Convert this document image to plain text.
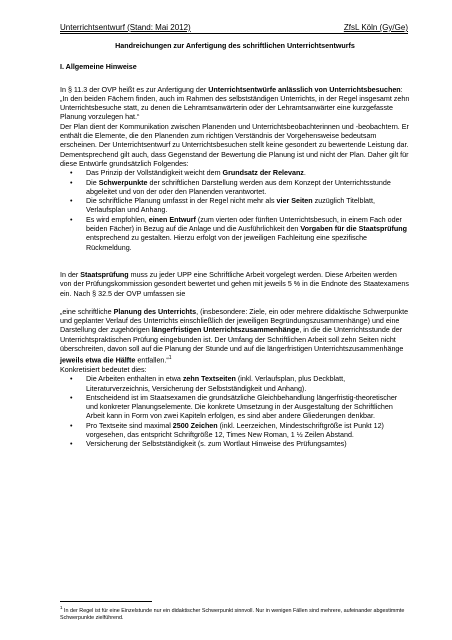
Unterrichtsentwurf (Stand: Mai 2012)	ZfsL Köln (Gy/Ge)

Handreichungen zur Anfertigung des schriftlichen Unterrichtsentwurfs

I. Allgemeine Hinweise

In § 11.3 der OVP heißt es zur Anfertigung der Unterrichtsentwürfe anlässlich von Unterrichtsbesuchen:

„In den beiden Fächern finden, auch im Rahmen des selbstständigen Unterrichts, in der Regel insgesamt zehn Unterrichtsbesuche statt, zu denen die Lehramtsanwärterin oder der Lehramtsanwärter eine kurzgefasste Planung vorzulegen hat.“

Der Plan dient der Kommunikation zwischen Planenden und Unterrichtsbeobachterinnen und -beobachtern. Er enthält die Elemente, die den Planenden zum richtigen Verständnis der Vorgehensweise bedeutsam erscheinen. Der Unterrichtsentwurf zu Unterrichtsbesuchen stellt keine gesondert zu bewertende Leistung dar. Dementsprechend gilt auch, dass Gegenstand der Bewertung die Planung ist und nicht der Plan. Daher gilt für diese Entwürfe grundsätzlich Folgendes:

• Das Prinzip der Vollständigkeit weicht dem Grundsatz der Relevanz.
• Die Schwerpunkte der schriftlichen Darstellung werden aus dem Konzept der Unterrichtsstunde abgeleitet und von der oder den Planenden verantwortet.
• Die schriftliche Planung umfasst in der Regel nicht mehr als vier Seiten zuzüglich Titelblatt, Verlaufsplan und Anhang.
• Es wird empfohlen, einen Entwurf (zum vierten oder fünften Unterrichtsbesuch, in einem Fach oder beiden Fächer) in Bezug auf die Anlage und die Ausführlichkeit den Vorgaben für die Staatsprüfung entsprechend zu gestalten. Hierzu erfolgt von der jeweiligen Fachleitung eine spezifische Rückmeldung.

In der Staatsprüfung muss zu jeder UPP eine Schriftliche Arbeit vorgelegt werden. Diese Arbeiten werden von der Prüfungskommission gesondert bewertet und gehen mit jeweils 5 % in die Endnote des Staatexamens ein. Nach § 32.5 der OVP umfassen sie

„eine schriftliche Planung des Unterrichts, (insbesondere: Ziele, ein oder mehrere didaktische Schwerpunkte und geplanter Verlauf des Unterrichts einschließlich der jeweiligen Begründungszusammenhänge) und eine Darstellung der zugehörigen längerfristigen Unterrichtszusammenhänge, in die die Unterrichtsstunde der Unterrichtspraktischen Prüfung eingebunden ist. Der Umfang der Schriftlichen Arbeit soll zehn Seiten nicht überschreiten, davon soll auf die Planung der Stunde und auf die längerfristigen Unterrichtszusammenhänge jeweils etwa die Hälfte entfallen.“$^1$

Konkretisiert bedeutet dies:

• Die Arbeiten enthalten in etwa zehn Textseiten (inkl. Verlaufsplan, plus Deckblatt, Literaturverzeichnis, Versicherung der Selbstständigkeit und Anhang).
• Entscheidend ist im Staatsexamen die grundsätzliche Gleichbehandlung längerfristig-theoretischer und konkreter Planungselemente. Die konkrete Umsetzung in der Ausgestaltung der Schriftlichen Arbeit kann in Form von zwei Kapiteln erfolgen, es sind aber andere Gliederungen denkbar.
• Pro Textseite sind maximal 2500 Zeichen (inkl. Leerzeichen, Mindestschriftgröße ist Punkt 12) vorgesehen, das entspricht Schriftgröße 12, Times New Roman, 1 ½ Zeilen Abstand.
• Versicherung der Selbstständigkeit (s. zum Wortlaut Hinweise des Prüfungsamtes)
$^1$ In der Regel ist für eine Einzelstunde nur ein didaktischer Schwerpunkt sinnvoll. Nur in wenigen Fällen sind mehrere, aufeinander abgestimmte Schwerpunkte zielführend.
